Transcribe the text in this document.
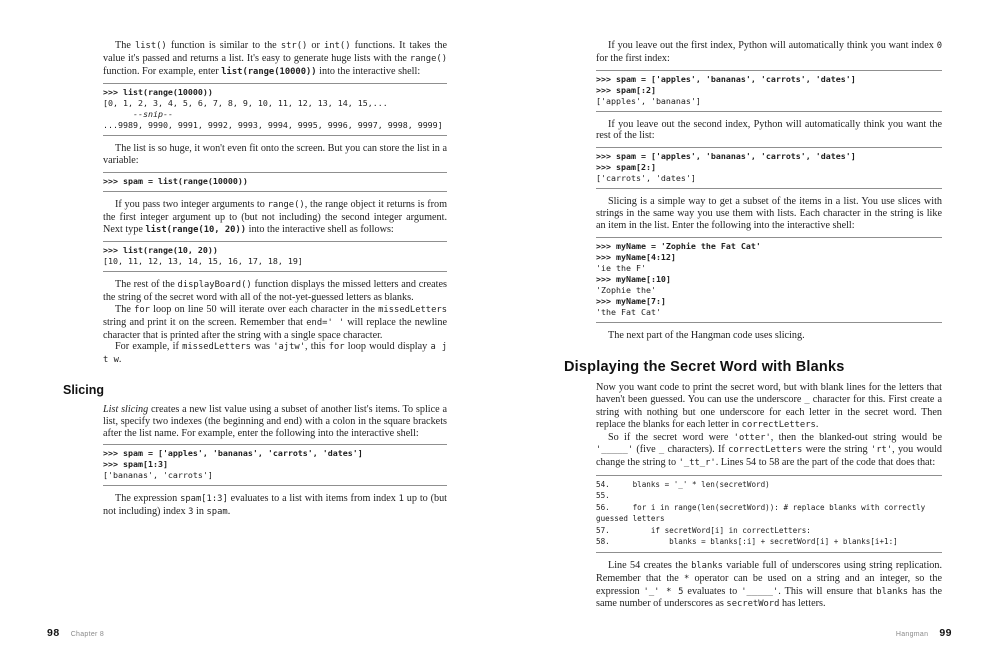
The list() function is similar to the str() or int() functions. It takes the value it's passed and returns a list. It's easy to generate huge lists with the range() function. For example, enter list(range(10000)) into the interactive shell:

>>> list(range(10000))
[0, 1, 2, 3, 4, 5, 6, 7, 8, 9, 10, 11, 12, 13, 14, 15,...
--snip--
...9989, 9990, 9991, 9992, 9993, 9994, 9995, 9996, 9997, 9998, 9999]

The list is so huge, it won't even fit onto the screen. But you can store the list in a variable:

>>> spam = list(range(10000))

If you pass two integer arguments to range(), the range object it returns is from the first integer argument up to (but not including) the second integer argument. Next type list(range(10, 20)) into the interactive shell as follows:

>>> list(range(10, 20))
[10, 11, 12, 13, 14, 15, 16, 17, 18, 19]

The rest of the displayBoard() function displays the missed letters and creates the string of the secret word with all of the not-yet-guessed letters as blanks.

The for loop on line 50 will iterate over each character in the missedLetters string and print it on the screen. Remember that end=' ' will replace the newline character that is printed after the string with a single space character.

For example, if missedLetters was 'ajtw', this for loop would display a j t w.

Slicing

List slicing creates a new list value using a subset of another list's items. To splice a list, specify two indexes (the beginning and end) with a colon in the square brackets after the list name. For example, enter the following into the interactive shell:

>>> spam = ['apples', 'bananas', 'carrots', 'dates']
>>> spam[1:3]
['bananas', 'carrots']

The expression spam[1:3] evaluates to a list with items from index 1 up to (but not including) index 3 in spam.

98 Chapter 8

If you leave out the first index, Python will automatically think you want index 0 for the first index:

>>> spam = ['apples', 'bananas', 'carrots', 'dates']
>>> spam[:2]
['apples', 'bananas']

If you leave out the second index, Python will automatically think you want the rest of the list:

>>> spam = ['apples', 'bananas', 'carrots', 'dates']
>>> spam[2:]
['carrots', 'dates']

Slicing is a simple way to get a subset of the items in a list. You use slices with strings in the same way you use them with lists. Each character in the string is like an item in the list. Enter the following into the interactive shell:

>>> myName = 'Zophie the Fat Cat'
>>> myName[4:12]
'ie the F'
>>> myName[:10]
'Zophie the'
>>> myName[7:]
'the Fat Cat'

The next part of the Hangman code uses slicing.

Displaying the Secret Word with Blanks

Now you want code to print the secret word, but with blank lines for the letters that haven't been guessed. You can use the underscore _ character for this. First create a string with nothing but one underscore for each letter in the secret word. Then replace the blanks for each letter in correctLetters.

So if the secret word were 'otter', then the blanked-out string would be '_____' (five _ characters). If correctLetters were the string 'rt', you would change the string to '_tt_r'. Lines 54 to 58 are the part of the code that does that:

54.     blanks = '_' * len(secretWord)
55.
56.     for i in range(len(secretWord)): # replace blanks with correctly
guessed letters
57.         if secretWord[i] in correctLetters:
58.             blanks = blanks[:i] + secretWord[i] + blanks[i+1:]

Line 54 creates the blanks variable full of underscores using string replication. Remember that the * operator can be used on a string and an integer, so the expression '_' * 5 evaluates to '_____'. This will ensure that blanks has the same number of underscores as secretWord has letters.

Hangman 99
